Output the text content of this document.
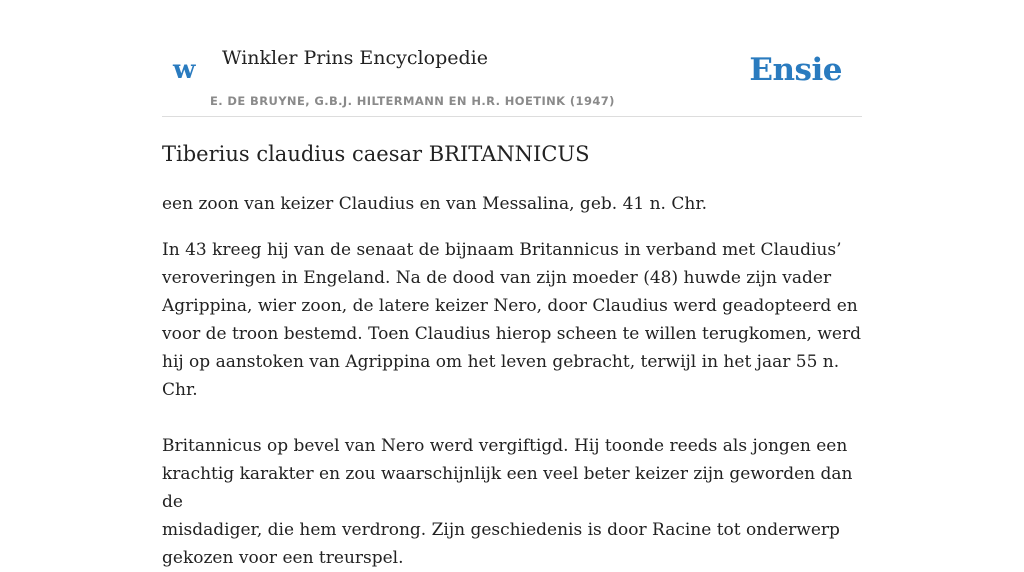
w Winkler Prins Encyclopedie
E. DE BRUYNE, G.B.J. HILTERMANN EN H.R. HOETINK (1947)
Ensie
Tiberius claudius caesar BRITANNICUS

een zoon van keizer Claudius en van Messalina, geb. 41 n. Chr.

In 43 kreeg hij van de senaat de bijnaam Britannicus in verband met Claudius’
veroveringen in Engeland. Na de dood van zijn moeder (48) huwde zijn vader
Agrippina, wier zoon, de latere keizer Nero, door Claudius werd geadopteerd en
voor de troon bestemd. Toen Claudius hierop scheen te willen terugkomen, werd
hij op aanstoken van Agrippina om het leven gebracht, terwijl in het jaar 55 n. Chr.

Britannicus op bevel van Nero werd vergiftigd. Hij toonde reeds als jongen een
krachtig karakter en zou waarschijnlijk een veel beter keizer zijn geworden dan de
misdadiger, die hem verdrong. Zijn geschiedenis is door Racine tot onderwerp
gekozen voor een treurspel.
